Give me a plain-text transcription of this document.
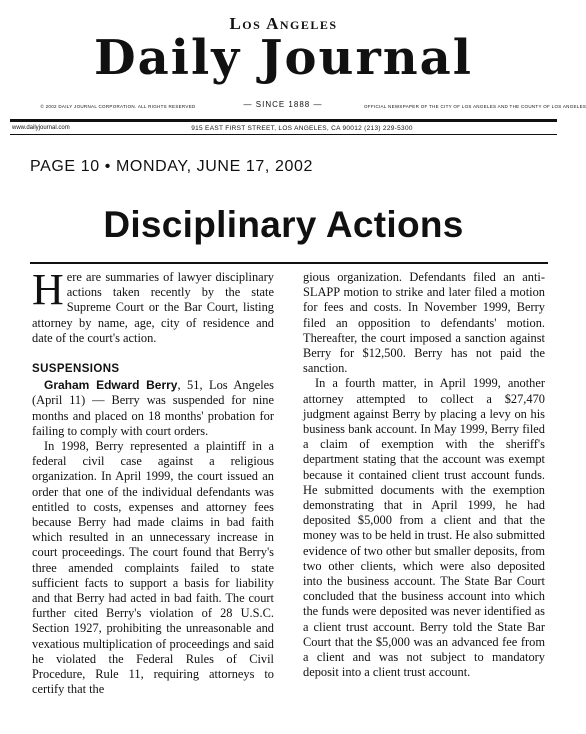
Los Angeles
Daily Journal
© 2002 DAILY JOURNAL CORPORATION. ALL RIGHTS RESERVED	— SINCE 1888 —	OFFICIAL NEWSPAPER OF THE CITY OF LOS ANGELES AND THE COUNTY OF LOS ANGELES
www.dailyjournal.com	915 EAST FIRST STREET, LOS ANGELES, CA 90012 (213) 229-5300
PAGE 10 • MONDAY, JUNE 17, 2002
Disciplinary Actions

Here are summaries of lawyer disciplinary actions taken recently by the state Supreme Court or the Bar Court, listing attorney by name, age, city of residence and date of the court's action.

SUSPENSIONS

Graham Edward Berry, 51, Los Angeles (April 11) — Berry was suspended for nine months and placed on 18 months' probation for failing to comply with court orders.

In 1998, Berry represented a plaintiff in a federal civil case against a religious organization. In April 1999, the court issued an order that one of the individual defendants was entitled to costs, expenses and attorney fees because Berry had made claims in bad faith which resulted in an unnecessary increase in court proceedings. The court found that Berry's three amended complaints failed to state sufficient facts to support a basis for liability and that Berry had acted in bad faith. The court further cited Berry's violation of 28 U.S.C. Section 1927, prohibiting the unreasonable and vexatious multiplication of proceedings and said he violated the Federal Rules of Civil Procedure, Rule 11, requiring attorneys to certify that the

gious organization. Defendants filed an anti-SLAPP motion to strike and later filed a motion for fees and costs. In November 1999, Berry filed an opposition to defendants' motion. Thereafter, the court imposed a sanction against Berry for $12,500. Berry has not paid the sanction.

In a fourth matter, in April 1999, another attorney attempted to collect a $27,470 judgment against Berry by placing a levy on his business bank account. In May 1999, Berry filed a claim of exemption with the sheriff's department stating that the account was exempt because it contained client trust account funds. He submitted documents with the exemption demonstrating that in April 1999, he had deposited $5,000 from a client and that the money was to be held in trust. He also submitted evidence of two other but smaller deposits, from two other clients, which were also deposited into the business account. The State Bar Court concluded that the business account into which the funds were deposited was never identified as a client trust account. Berry told the State Bar Court that the $5,000 was an advanced fee from a client and was not subject to mandatory deposit into a client trust account.
